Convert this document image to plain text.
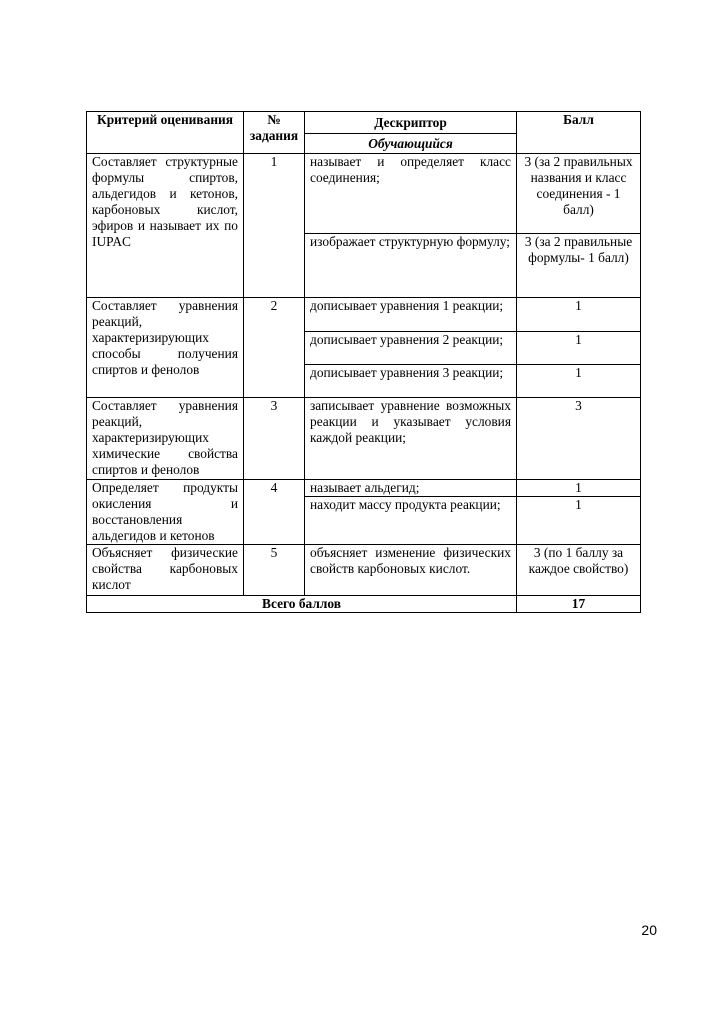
Критерий оценивания	№ задания	Дескриптор	Балл
		Обучающийся	
Составляет структурные формулы спиртов, альдегидов и кетонов, карбоновых кислот, эфиров и называет их по IUPAC	1	называет и определяет класс соединения;	3 (за 2 правильных названия и класс соединения - 1 балл)
		изображает структурную формулу;	3 (за 2 правильные формулы- 1 балл)
Составляет уравнения реакций, характеризирующих способы получения спиртов и фенолов	2	дописывает уравнения 1 реакции;	1
		дописывает уравнения 2 реакции;	1
		дописывает уравнения 3 реакции;	1
Составляет уравнения реакций, характеризирующих химические свойства спиртов и фенолов	3	записывает уравнение возможных реакции и указывает условия каждой реакции;	3
Определяет продукты окисления и восстановления альдегидов и кетонов	4	называет альдегид;	1
		находит массу продукта реакции;	1
Объясняет физические свойства карбоновых кислот	5	объясняет изменение физических свойств карбоновых кислот.	3 (по 1 баллу за каждое свойство)
Всего баллов			17
20
